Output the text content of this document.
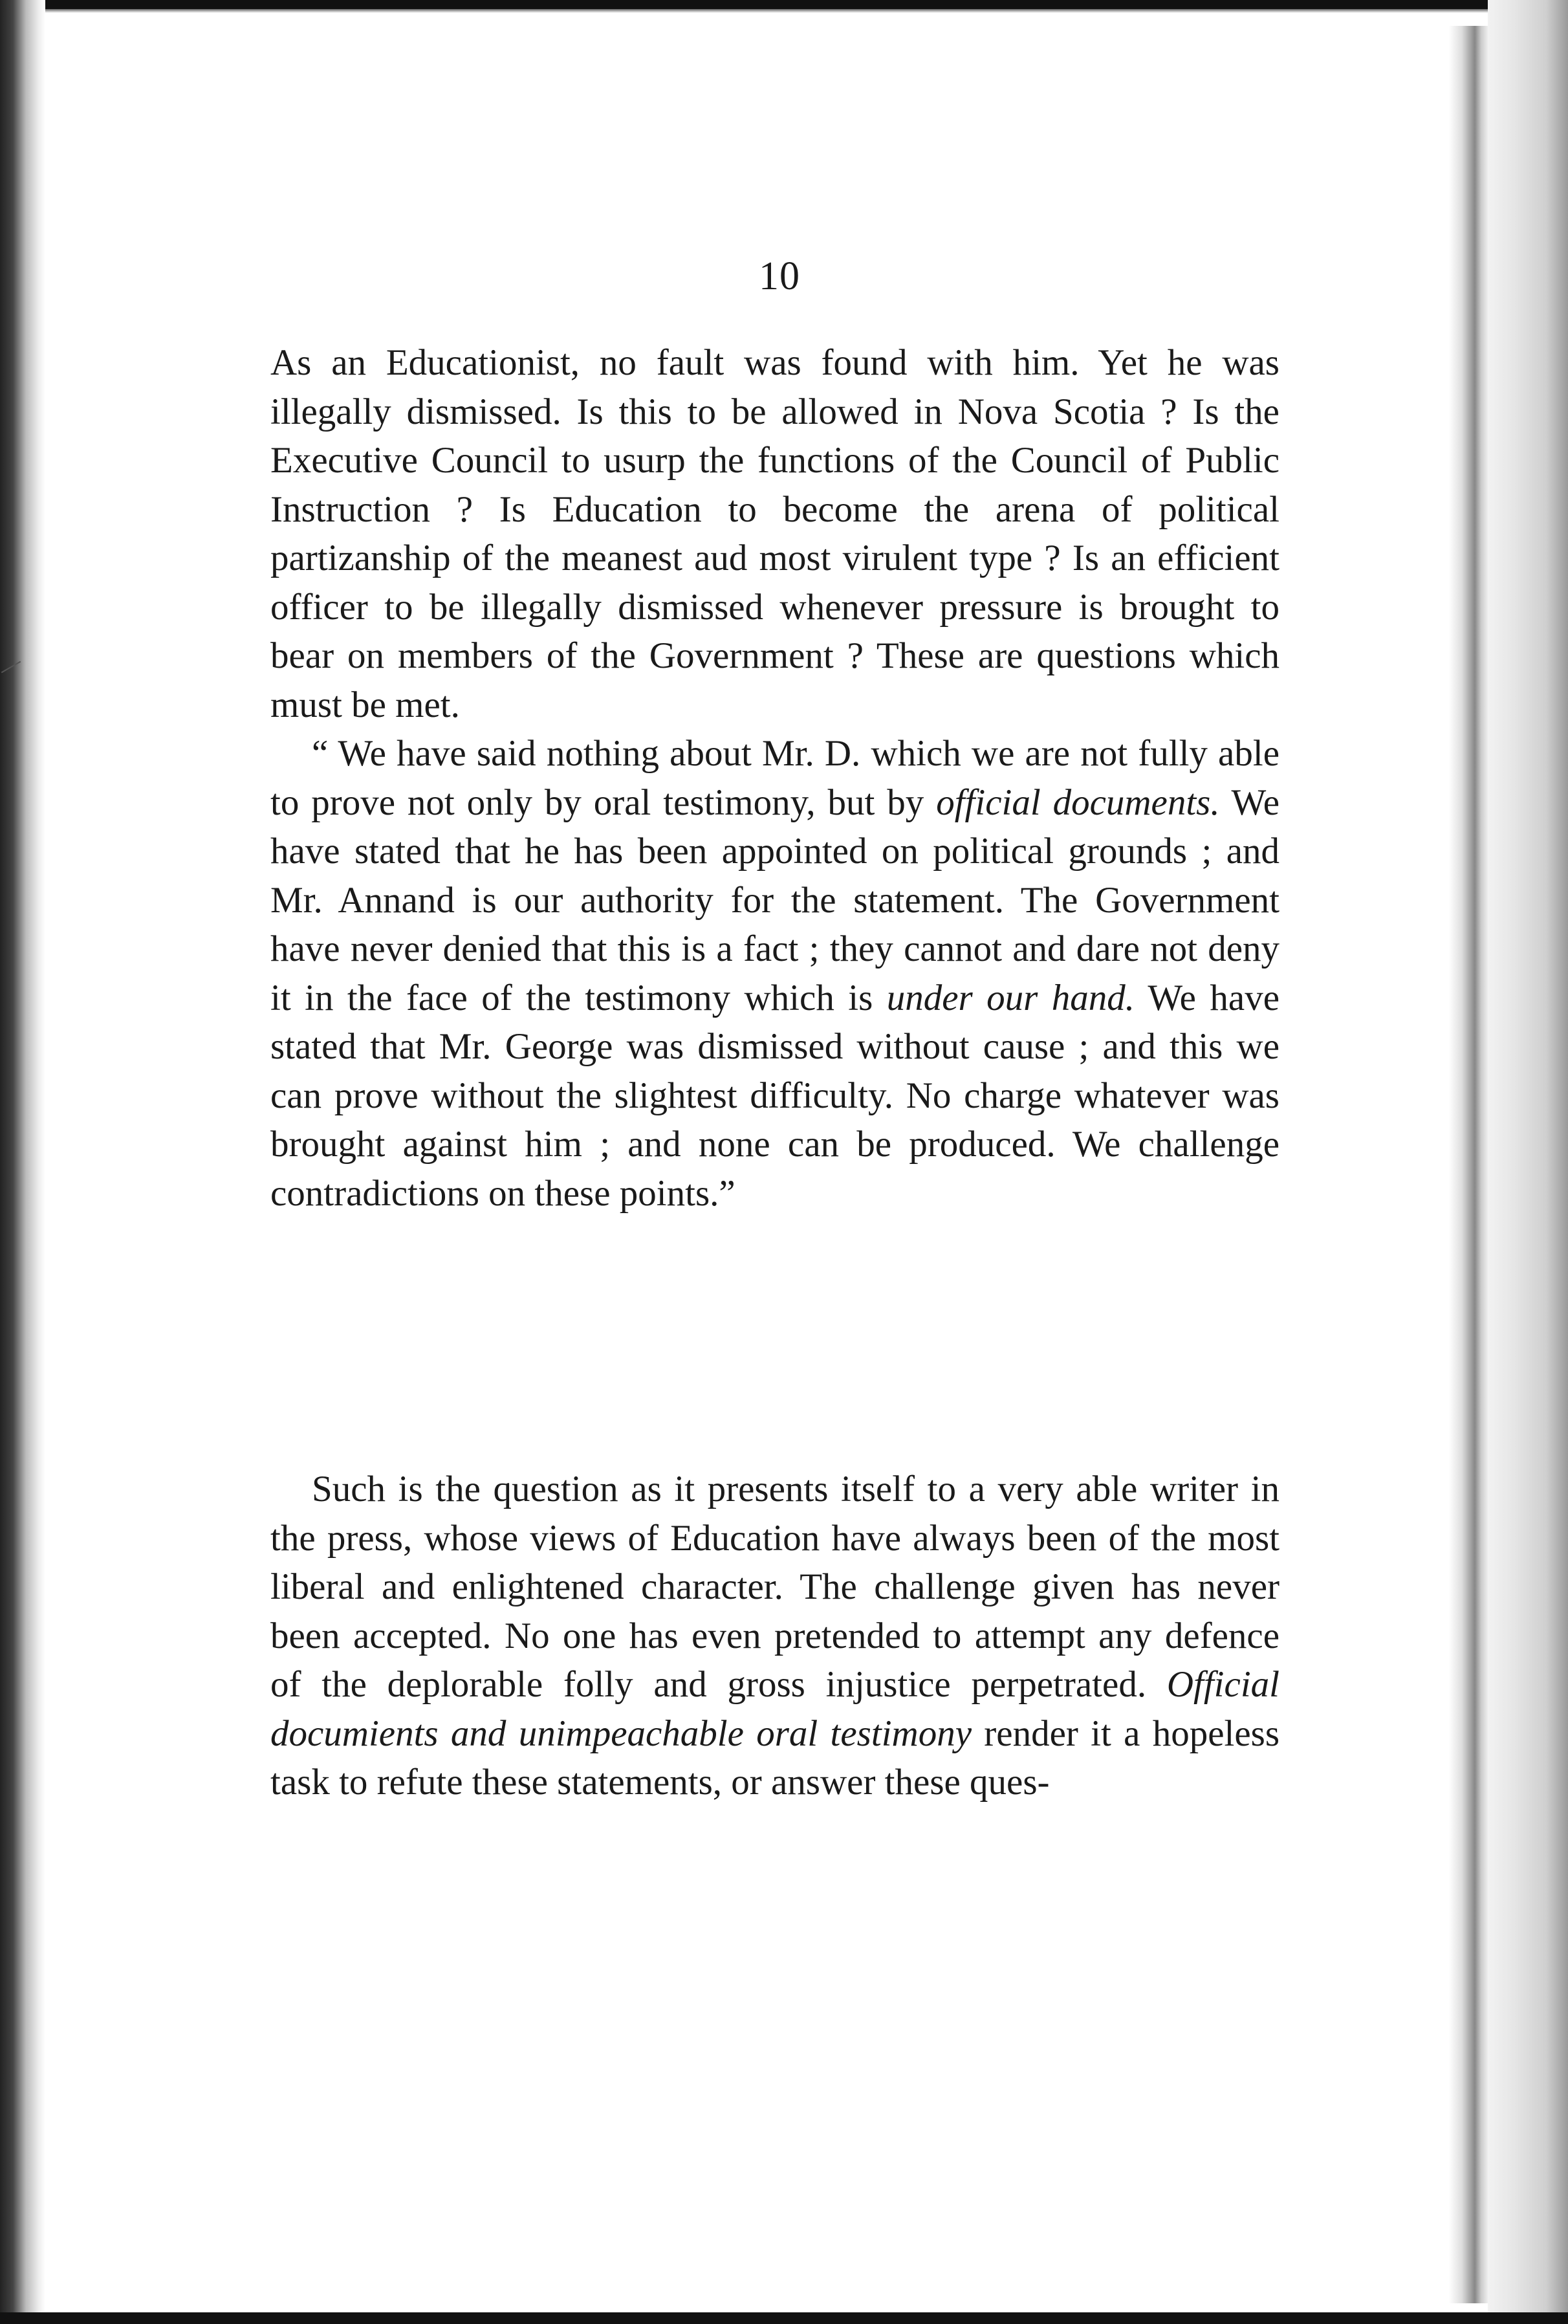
10

As an Educationist, no fault was found with him. Yet he was illegally dismissed. Is this to be allowed in Nova Scotia ? Is the Executive Council to usurp the functions of the Council of Public Instruction ? Is Education to become the arena of political partizanship of the meanest aud most virulent type ? Is an efficient officer to be illegally dismissed whenever pressure is brought to bear on members of the Government ? These are questions which must be met.

“ We have said nothing about Mr. D. which we are not fully able to prove not only by oral testimony, but by official documents. We have stated that he has been appointed on political grounds ; and Mr. Annand is our authority for the statement. The Government have never denied that this is a fact ; they cannot and dare not deny it in the face of the testimony which is under our hand. We have stated that Mr. George was dismissed without cause ; and this we can prove without the slightest difficulty. No charge whatever was brought against him ; and none can be produced. We challenge contradictions on these points.”

Such is the question as it presents itself to a very able writer in the press, whose views of Education have always been of the most liberal and enlightened character. The challenge given has never been accepted. No one has even pretended to attempt any defence of the deplorable folly and gross injustice perpetrated. Official documients and unimpeachable oral testimony render it a hopeless task to refute these statements, or answer these ques-
